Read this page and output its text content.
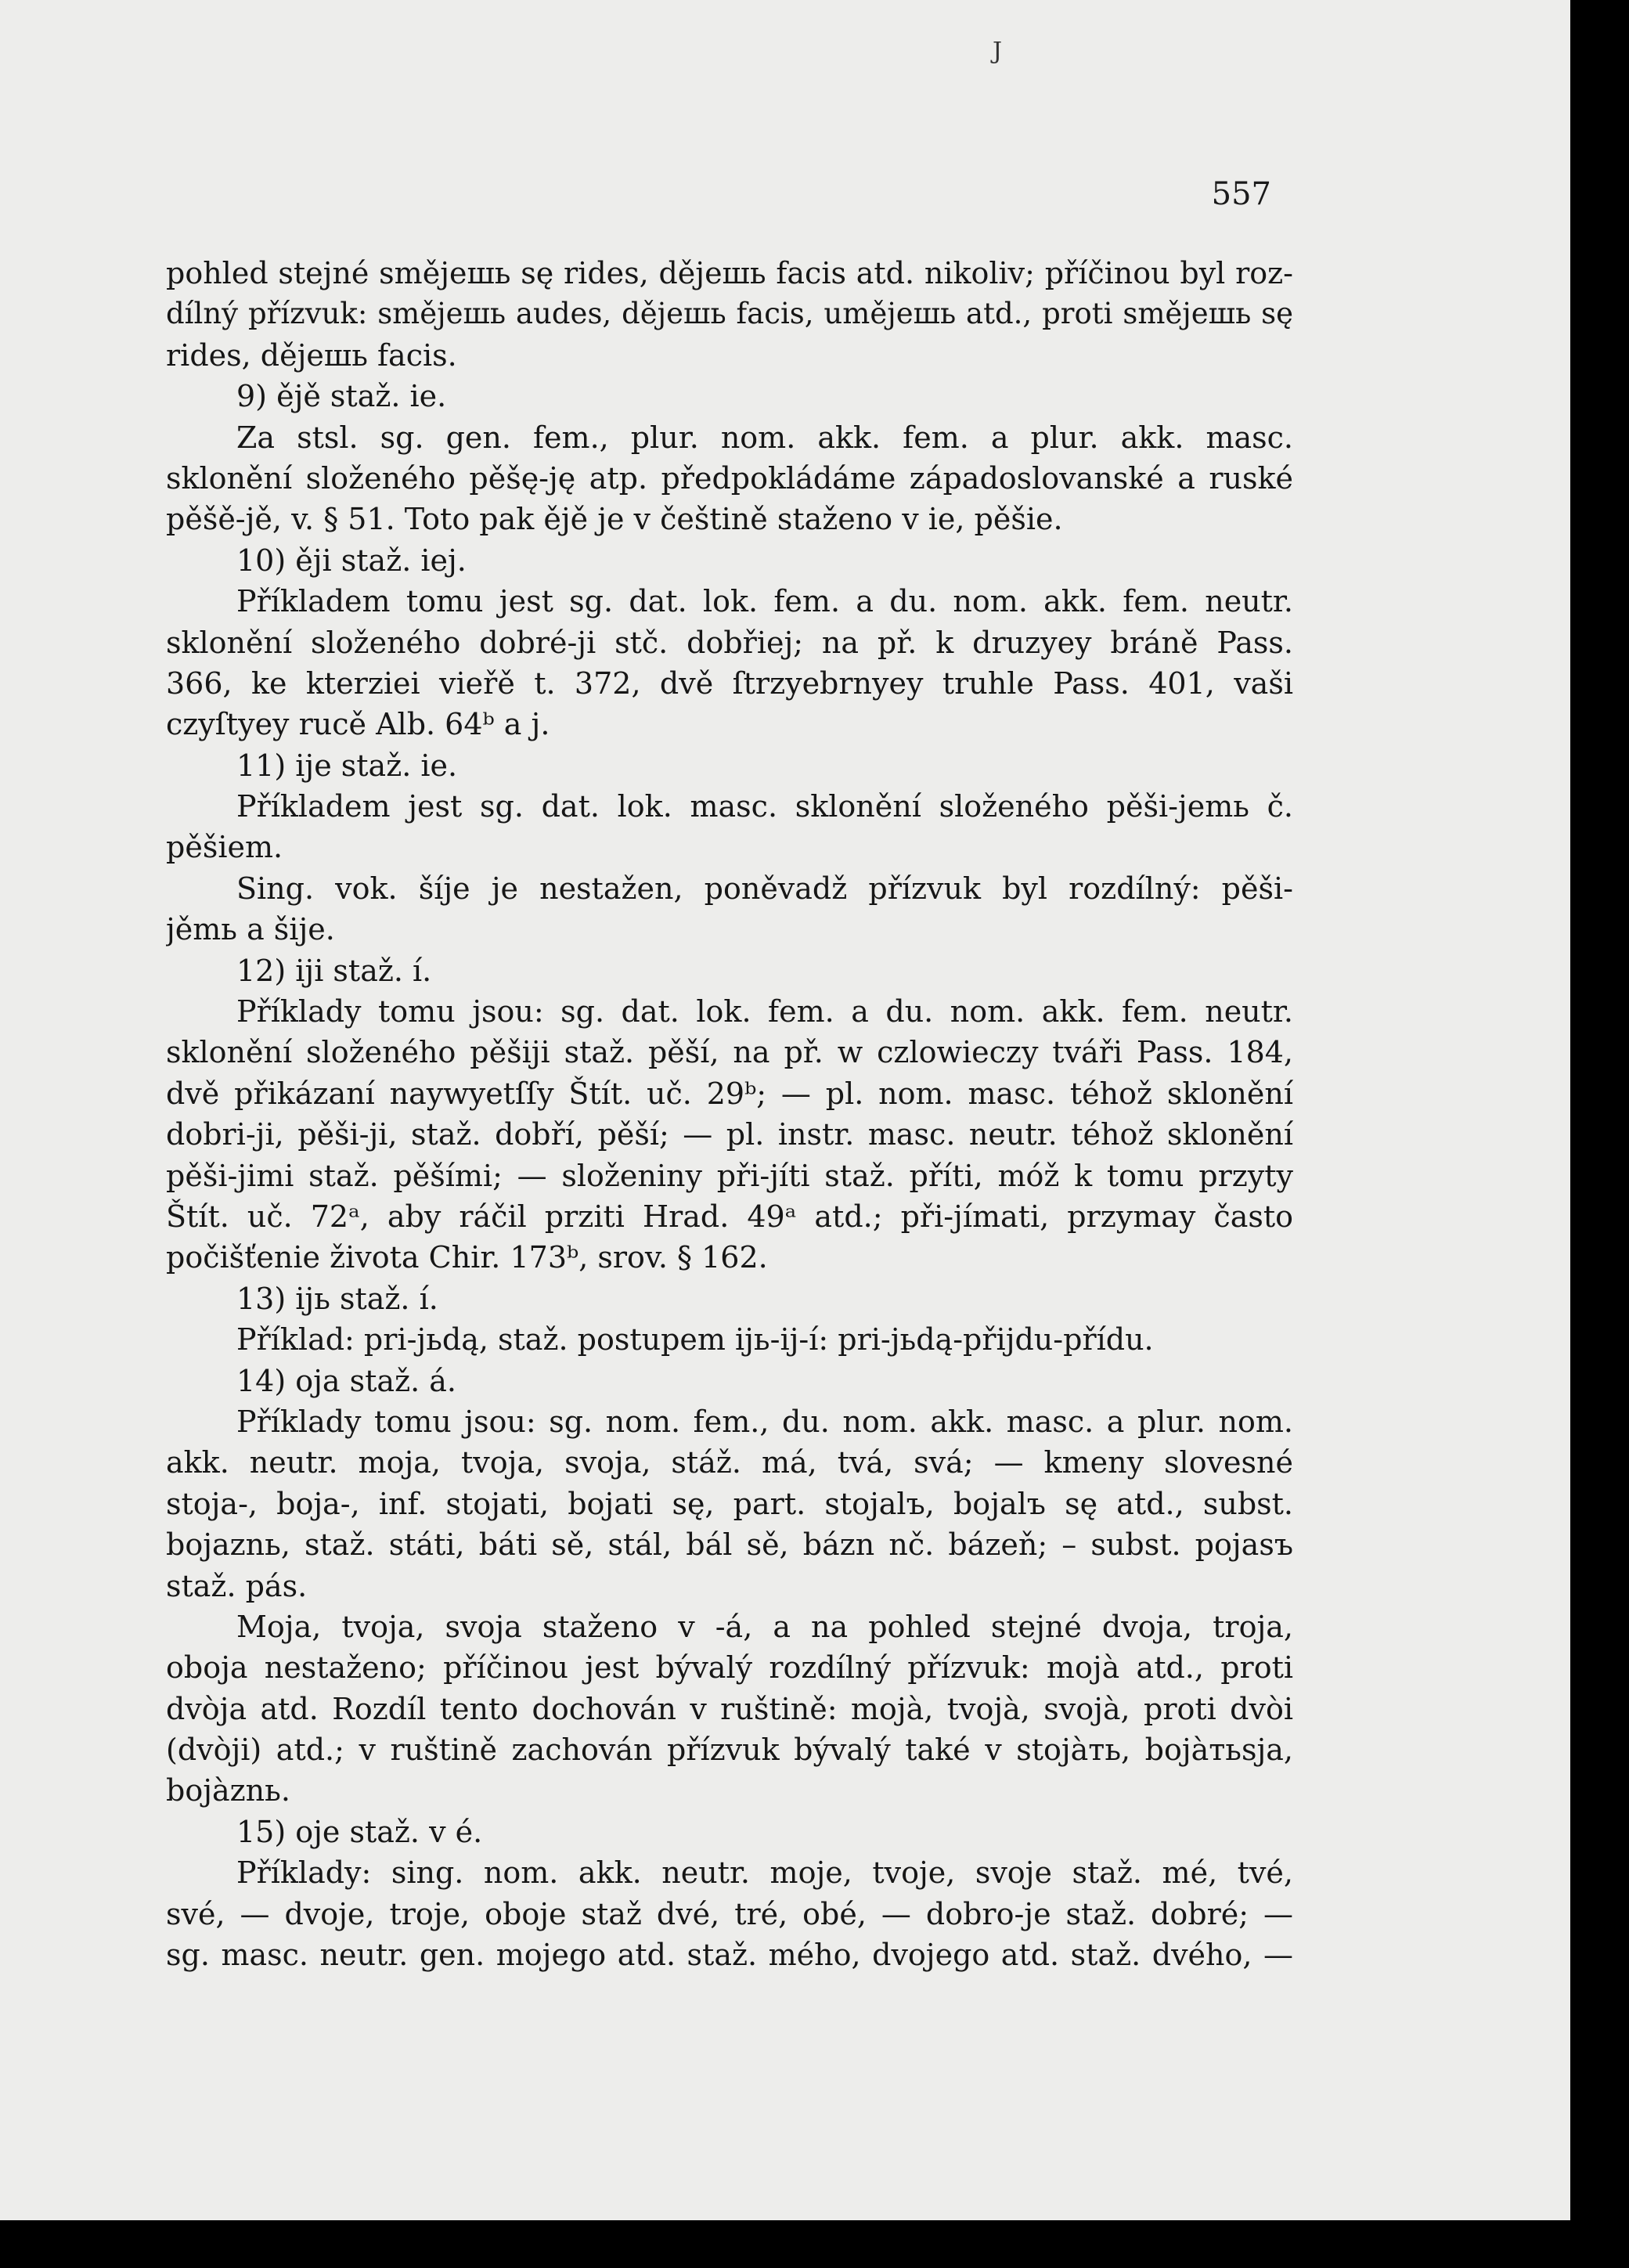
J
557
pohled stejné smějешь sę rides, dějешь facis atd. nikoliv; příčinou byl roz-
dílný přízvuk: smějешь audes, dějешь facis, umějешь atd., proti smějешь sę
rides, dějешь facis.
9) ějě staž. ie.
Za stsl. sg. gen. fem., plur. nom. akk. fem. a plur. akk. masc.
sklonění složeného pěšę-ję atp. předpokládáme západoslovanské a ruské
pěšě-jě, v. § 51. Toto pak ějě je v češtině staženo v ie, pěšie.
10) ěji staž. iej.
Příkladem tomu jest sg. dat. lok. fem. a du. nom. akk. fem. neutr.
sklonění složeného dobré-ji stč. dobřiej; na př. k druzyey bráně Pass.
366, ke kterziei vieřě t. 372, dvě ſtrzyebrnyey truhle Pass. 401, vaši
czyſtyey rucě Alb. 64ᵇ a j.
11) ije staž. ie.
Příkladem jest sg. dat. lok. masc. sklonění složeného pěši-jemь č.
pěšiem.
Sing. vok. šíje je nestažen, poněvadž přízvuk byl rozdílný: pěši-
jěmь a šije.
12) iji staž. í.
Příklady tomu jsou: sg. dat. lok. fem. a du. nom. akk. fem. neutr.
sklonění složeného pěšiji staž. pěší, na př. w czlowieczy tváři Pass. 184,
dvě přikázaní naywyetſſy Štít. uč. 29ᵇ; — pl. nom. masc. téhož sklonění
dobri-ji, pěši-ji, staž. dobří, pěší; — pl. instr. masc. neutr. téhož sklonění
pěši-jimi staž. pěšími; — složeniny při-jíti staž. příti, móž k tomu przyty
Štít. uč. 72ᵃ, aby ráčil prziti Hrad. 49ᵃ atd.; při-jímati, przymay často
počišťenie života Chir. 173ᵇ, srov. § 162.
13) ijь staž. í.
Příklad: pri-jьdą, staž. postupem ijь-ij-í: pri-jьdą-přijdu-přídu.
14) oja staž. á.
Příklady tomu jsou: sg. nom. fem., du. nom. akk. masc. a plur. nom.
akk. neutr. moja, tvoja, svoja, stáž. má, tvá, svá; — kmeny slovesné
stoja-, boja-, inf. stojati, bojati sę, part. stojalъ, bojalъ sę atd., subst.
bojaznь, staž. státi, báti sě, stál, bál sě, bázn nč. bázeň; – subst. pojasъ
staž. pás.
Moja, tvoja, svoja staženo v -á, a na pohled stejné dvoja, troja,
oboja nestaženo; příčinou jest bývalý rozdílný přízvuk: mojà atd., proti
dvòja atd. Rozdíl tento dochován v ruštině: mojà, tvojà, svojà, proti dvòi
(dvòji) atd.; v ruštině zachován přízvuk bývalý také v stojàть, bojàтьsja,
bojàznь.
15) oje staž. v é.
Příklady: sing. nom. akk. neutr. moje, tvoje, svoje staž. mé, tvé,
své, — dvoje, troje, oboje staž dvé, tré, obé, — dobro-je staž. dobré; —
sg. masc. neutr. gen. mojego atd. staž. mého, dvojego atd. staž. dvého, —
